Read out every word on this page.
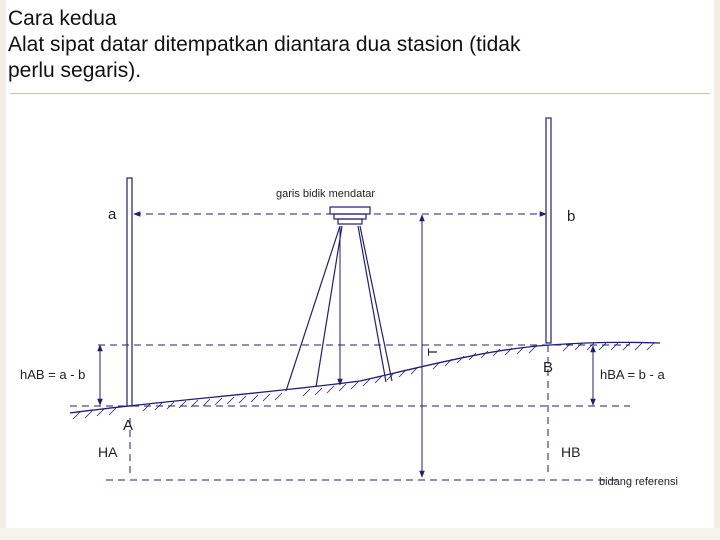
Cara kedua
Alat sipat datar ditempatkan diantara dua stasion (tidak
perlu segaris).
garis bidik mendatar
a	b
hAB = a - b	hBA = b - a
A
B
HA	HB
T
bidang referensi
